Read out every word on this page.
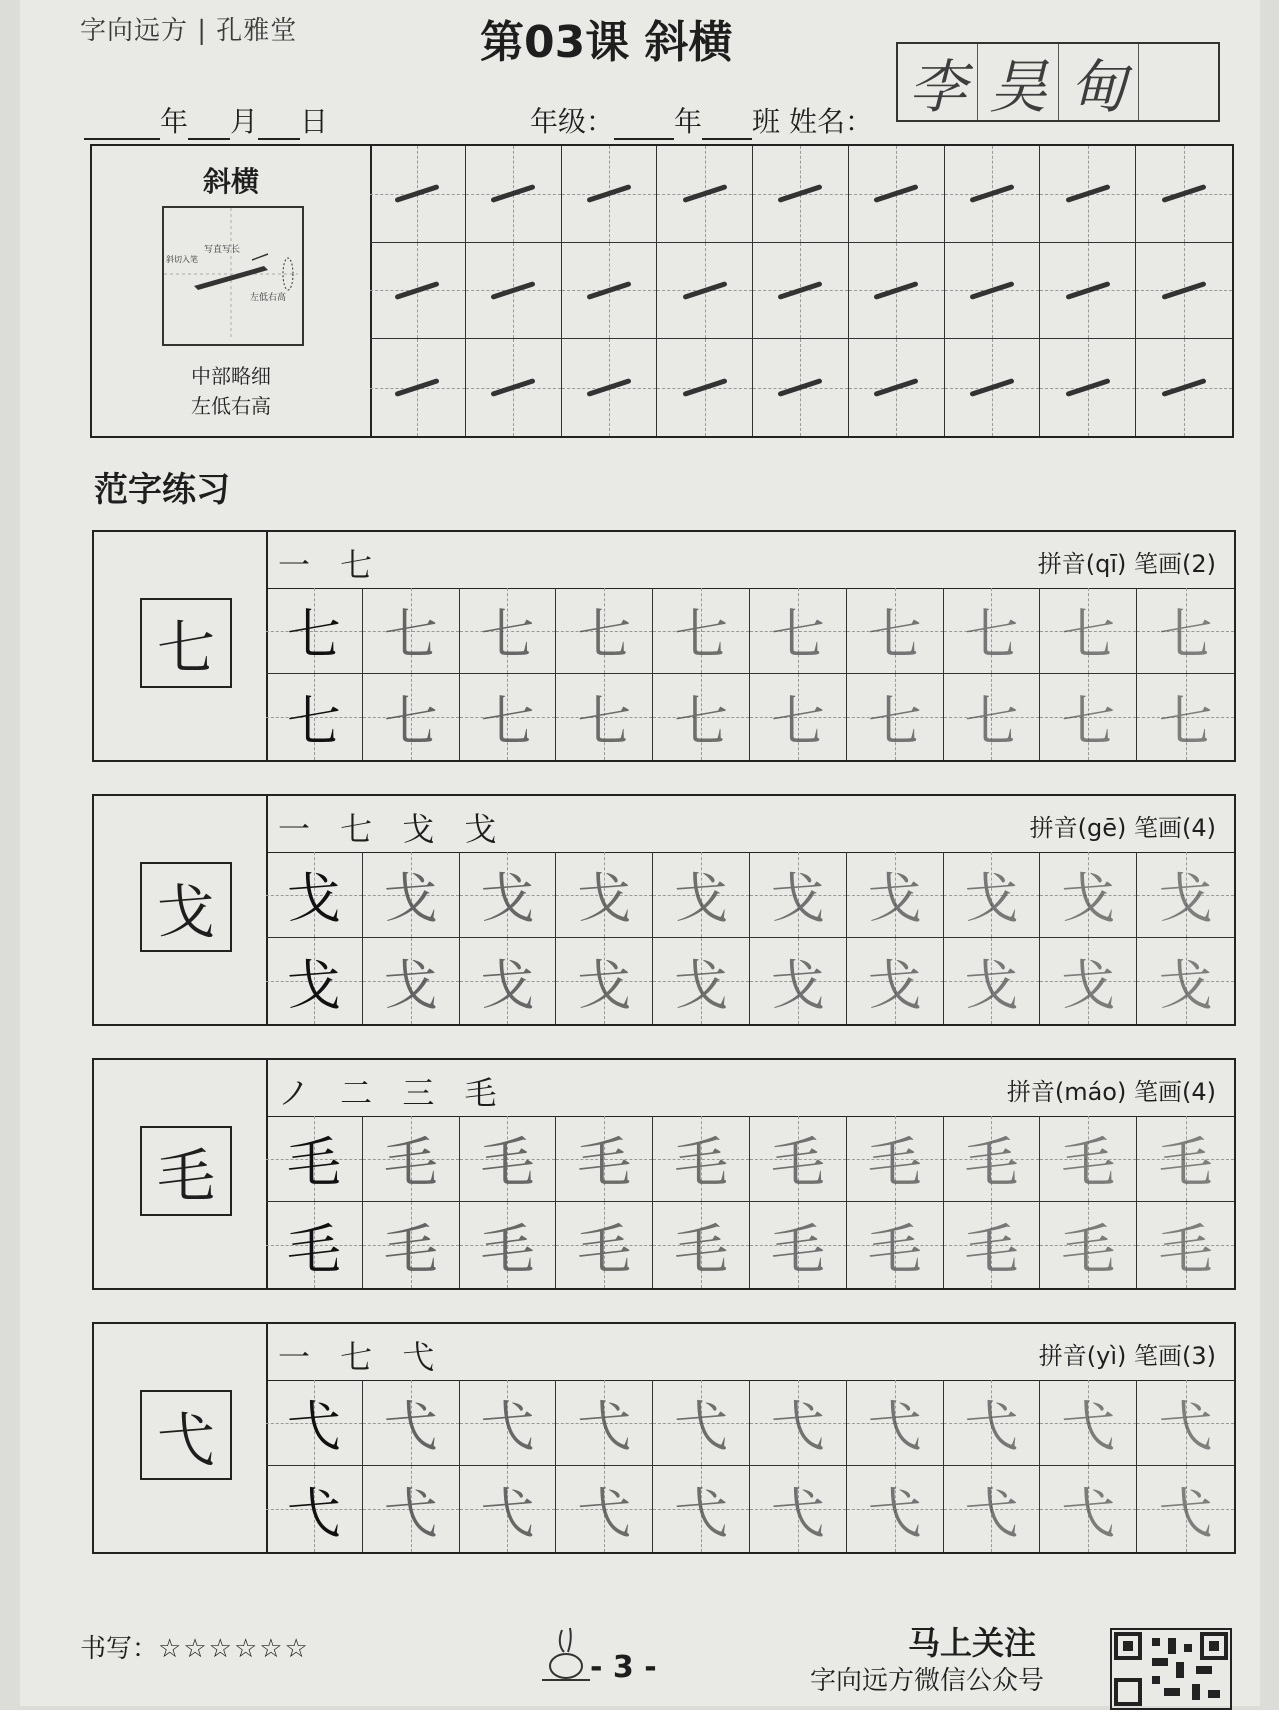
字向远方 | 孔雅堂	第03课 斜横
年 月 日	年级： 年 班 姓名：
李 昊 甸
斜横
写直写长
斜切入笔
左低右高
中部略细
左低右高
范字练习
七
一 七	拼音(qī) 笔画(2)
七 七 七 七 七 七 七 七 七 七
七 七 七 七 七 七 七 七 七 七
戈
一 七 戈 戈	拼音(gē) 笔画(4)
戈 戈 戈 戈 戈 戈 戈 戈 戈 戈
戈 戈 戈 戈 戈 戈 戈 戈 戈 戈
毛
ノ 二 三 毛	拼音(máo) 笔画(4)
毛 毛 毛 毛 毛 毛 毛 毛 毛 毛
毛 毛 毛 毛 毛 毛 毛 毛 毛 毛
弋
一 七 弋	拼音(yì) 笔画(3)
弋 弋 弋 弋 弋 弋 弋 弋 弋 弋
弋 弋 弋 弋 弋 弋 弋 弋 弋 弋
书写：☆☆☆☆☆☆
- 3 -
马上关注
字向远方微信公众号
